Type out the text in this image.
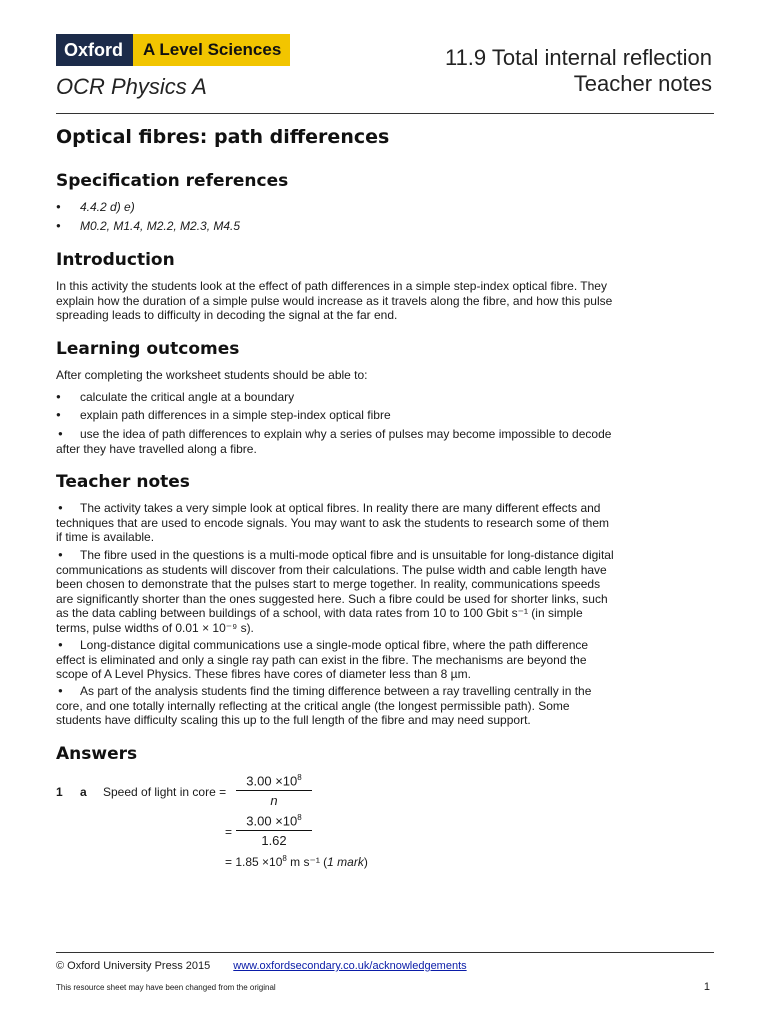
Oxford	A Level Sciences
OCR Physics A
11.9 Total internal reflection
Teacher notes
Optical fibres: path differences
Specification references
● 4.4.2 d) e)
● M0.2, M1.4, M2.2, M2.3, M4.5
Introduction

In this activity the students look at the effect of path differences in a simple step-index optical fibre. They explain how the duration of a simple pulse would increase as it travels along the fibre, and how this pulse spreading leads to difficulty in decoding the signal at the far end.

Learning outcomes

After completing the worksheet students should be able to:

● calculate the critical angle at a boundary
● explain path differences in a simple step-index optical fibre
● use the idea of path differences to explain why a series of pulses may become impossible to decode after they have travelled along a fibre.
Teacher notes
● The activity takes a very simple look at optical fibres. In reality there are many different effects and techniques that are used to encode signals. You may want to ask the students to research some of them if time is available.
● The fibre used in the questions is a multi-mode optical fibre and is unsuitable for long-distance digital communications as students will discover from their calculations. The pulse width and cable length have been chosen to demonstrate that the pulses start to merge together. In reality, communications speeds are significantly shorter than the ones suggested here. Such a fibre could be used for shorter links, such as the data cabling between buildings of a school, with data rates from 10 to 100 Gbit s⁻¹ (in simple terms, pulse widths of 0.01 × 10⁻⁹ s).
● Long-distance digital communications use a single-mode optical fibre, where the path difference effect is eliminated and only a single ray path can exist in the fibre. The mechanisms are beyond the scope of A Level Physics. These fibres have cores of diameter less than 8 µm.
● As part of the analysis students find the timing difference between a ray travelling centrally in the core, and one totally internally reflecting at the critical angle (the longest permissible path). Some students have difficulty scaling this up to the full length of the fibre and may need support.
Answers
1 a Speed of light in core =
$3.00 \times 10^8$
n
=
$3.00 \times 10^8$
1.62
= $1.85 \times 10^8$ m s⁻¹ (1 mark)
© Oxford University Press 2015 www.oxfordsecondary.co.uk/acknowledgements
This resource sheet may have been changed from the original	1
